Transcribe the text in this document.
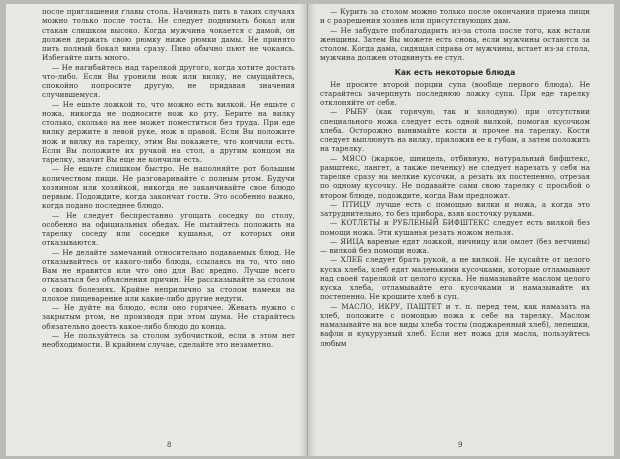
после приглашения главы стола. Начинать пить в таких случаях можно только после тоста. Не следует поднимать бокал или стакан слишком высоко. Когда мужчина чокается с дамой, он должен держать свою рюмку ниже рюмки дамы. Не принято пить полный бокал вина сразу. Пиво обычно пьют не чокаясь. Избегайте пить много.

— Не нагибайтесь над тарелкой другого, когда хотите достать что-либо. Если Вы уронили нож или вилку, не смущайтесь, спокойно попросите другую, не придавая значения случившемуся.

— Не ешьте ложкой то, что можно есть вилкой. Не ешьте с ножа, никогда не подносите нож ко рту. Берите на вилку столько, сколько на нее может поместиться без труда. При еде вилку держите в левой руке, нож в правой. Если Вы положите нож и вилку на тарелку, этим Вы покажете, что кончили есть. Если Вы положите их ручкой на стол, а другим концом на тарелку, значит Вы еще не кончили есть.

— Не ешьте слишком быстро. Не наполняйте рот большим количеством пищи. Не разговаривайте с полным ртом. Будучи хозяином или хозяйкой, никогда не заканчивайте свое блюдо первым. Подождите, когда закончат гости. Это особенно важно, когда подано последнее блюдо.

— Не следует беспрестанно угощать соседку по столу, особенно на официальных обедах. Не пытайтесь положить на тарелку соседу или соседке кушанья, от которых они отказываются.

— Не делайте замечаний относительно подаваемых блюд. Не отказывайтесь от какого-либо блюда, ссылаясь на то, что оно Вам не нравится или что оно для Вас вредно. Лучше всего отказаться без объяснения причин. Не рассказывайте за столом о своих болезнях. Крайне неприлично за столом намеки на плохое пищеварение или какие-либо другие недуги.

— Не дуйте на блюдо, если оно горячее. Жевать нужно с закрытым ртом, не производя при этом шума. Не старайтесь обязательно доесть какое-либо блюдо до конца.

— Не пользуйтесь за столом зубочисткой, если в этом нет необходимости. В крайнем случае, сделайте это незаметно.

8

— Курить за столом можно только после окончания приема пищи и с разрешения хозяев или присутствующих дам.

— Не забудьте поблагодарить из-за стола после того, как встали женщины. Затем Вы можете есть снова, если мужчины остаются за столом. Когда дама, сидящая справа от мужчины, встает из-за стола, мужчина должен отодвинуть ее стул.

Как есть некоторые блюда

Не просите второй порции супа (вообще первого блюда). Не старайтесь зачерпнуть последнюю ложку супа. При еде тарелку отклоняйте от себя.

— РЫБУ (как горячую, так и холодную) при отсутствии специального ножа следует есть одной вилкой, помогая кусочком хлеба. Осторожно вынимайте кости и прочее на тарелку. Кости следует выплюнуть на вилку, приложив ее к губам, а затем положить на тарелку.

— МЯСО (жаркое, шницель, отбивную, натуральный бифштекс, рамштекс, лангет, а также печенку) не следует нарезать у себя на тарелке сразу на мелкие кусочки, а резать их постепенно, отрезая по одному кусочку. Не подавайте сами свою тарелку с просьбой о втором блюде, подождите, когда Вам предложат.

— ПТИЦУ лучше есть с помощью вилки и ножа, а когда это затруднительно, то без прибора, взяв косточку руками.

— КОТЛЕТЫ и РУБЛЕНЫЙ БИФШТЕКС следует есть вилкой без помощи ножа. Эти кушанья резать ножом нельзя.

— ЯИЦА вареные едят ложкой, яичницу или омлет (без ветчины) — вилкой без помощи ножа.

— ХЛЕБ следует брать рукой, а не вилкой. Не кусайте от целого куска хлеба, хлеб едят маленькими кусочками, которые отламывают над своей тарелкой от целого куска. Не намазывайте маслом целого куска хлеба, отламывайте его кусочками и намазывайте их постепенно. Не крошите хлеб в суп.

— МАСЛО, ИКРУ, ПАШТЕТ и т. п. перед тем, как намазать на хлеб, положите с помощью ножа к себе на тарелку. Маслом намазывайте на все виды хлеба тосты (поджаренный хлеб), лепешки, вафли и кукурузный хлеб. Если нет ножа для масла, пользуйтесь любым

9
